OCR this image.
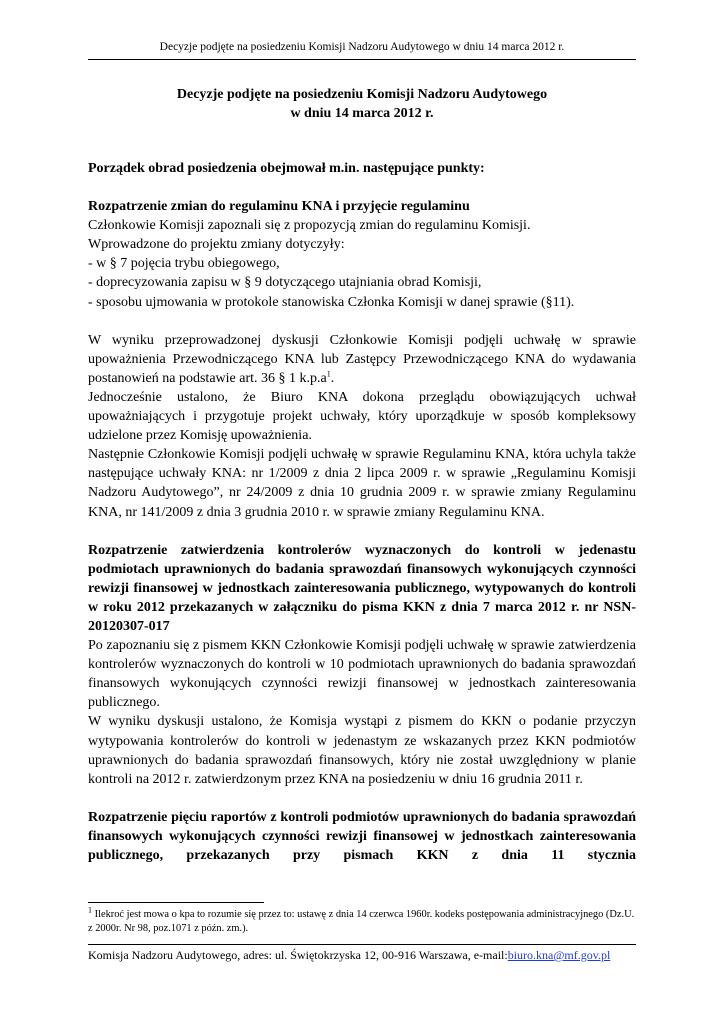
Decyzje podjęte na posiedzeniu Komisji Nadzoru Audytowego w dniu 14 marca 2012 r.
Decyzje podjęte na posiedzeniu Komisji Nadzoru Audytowego
w dniu 14 marca 2012 r.

Porządek obrad posiedzenia obejmował m.in. następujące punkty:

Rozpatrzenie zmian do regulaminu KNA i przyjęcie regulaminu

Członkowie Komisji zapoznali się z propozycją zmian do regulaminu Komisji.

Wprowadzone do projektu zmiany dotyczyły:

- w § 7 pojęcia trybu obiegowego,

- doprecyzowania zapisu w § 9 dotyczącego utajniania obrad Komisji,

- sposobu ujmowania w protokole stanowiska Członka Komisji w danej sprawie (§11).

W wyniku przeprowadzonej dyskusji Członkowie Komisji podjęli uchwałę w sprawie upoważnienia Przewodniczącego KNA lub Zastępcy Przewodniczącego KNA do wydawania postanowień na podstawie art. 36 § 1 $k.p.a^1$.

Jednocześnie ustalono, że Biuro KNA dokona przeglądu obowiązujących uchwał upoważniających i przygotuje projekt uchwały, który uporządkuje w sposób kompleksowy udzielone przez Komisję upoważnienia.

Następnie Członkowie Komisji podjęli uchwałę w sprawie Regulaminu KNA, która uchyla także następujące uchwały KNA: nr 1/2009 z dnia 2 lipca 2009 r. w sprawie „Regulaminu Komisji Nadzoru Audytowego”, nr 24/2009 z dnia 10 grudnia 2009 r. w sprawie zmiany Regulaminu KNA, nr 141/2009 z dnia 3 grudnia 2010 r. w sprawie zmiany Regulaminu KNA.

Rozpatrzenie zatwierdzenia kontrolerów wyznaczonych do kontroli w jedenastu podmiotach uprawnionych do badania sprawozdań finansowych wykonujących czynności rewizji finansowej w jednostkach zainteresowania publicznego, wytypowanych do kontroli w roku 2012 przekazanych w załączniku do pisma KKN z dnia 7 marca 2012 r. nr NSN-20120307-017

Po zapoznaniu się z pismem KKN Członkowie Komisji podjęli uchwałę w sprawie zatwierdzenia kontrolerów wyznaczonych do kontroli w 10 podmiotach uprawnionych do badania sprawozdań finansowych wykonujących czynności rewizji finansowej w jednostkach zainteresowania publicznego.

W wyniku dyskusji ustalono, że Komisja wystąpi z pismem do KKN o podanie przyczyn wytypowania kontrolerów do kontroli w jedenastym ze wskazanych przez KKN podmiotów uprawnionych do badania sprawozdań finansowych, który nie został uwzględniony w planie kontroli na 2012 r. zatwierdzonym przez KNA na posiedzeniu w dniu 16 grudnia 2011 r.

Rozpatrzenie pięciu raportów z kontroli podmiotów uprawnionych do badania sprawozdań finansowych wykonujących czynności rewizji finansowej w jednostkach zainteresowania publicznego, przekazanych przy pismach KKN z dnia 11 stycznia

$^1$ Ilekroć jest mowa o kpa to rozumie się przez to: ustawę z dnia 14 czerwca 1960r. kodeks postępowania administracyjnego (Dz.U. z 2000r. Nr 98, poz.1071 z późn. zm.).
Komisja Nadzoru Audytowego, adres: ul. Świętokrzyska 12, 00-916 Warszawa, e-mail:biuro.kna@mf.gov.pl
